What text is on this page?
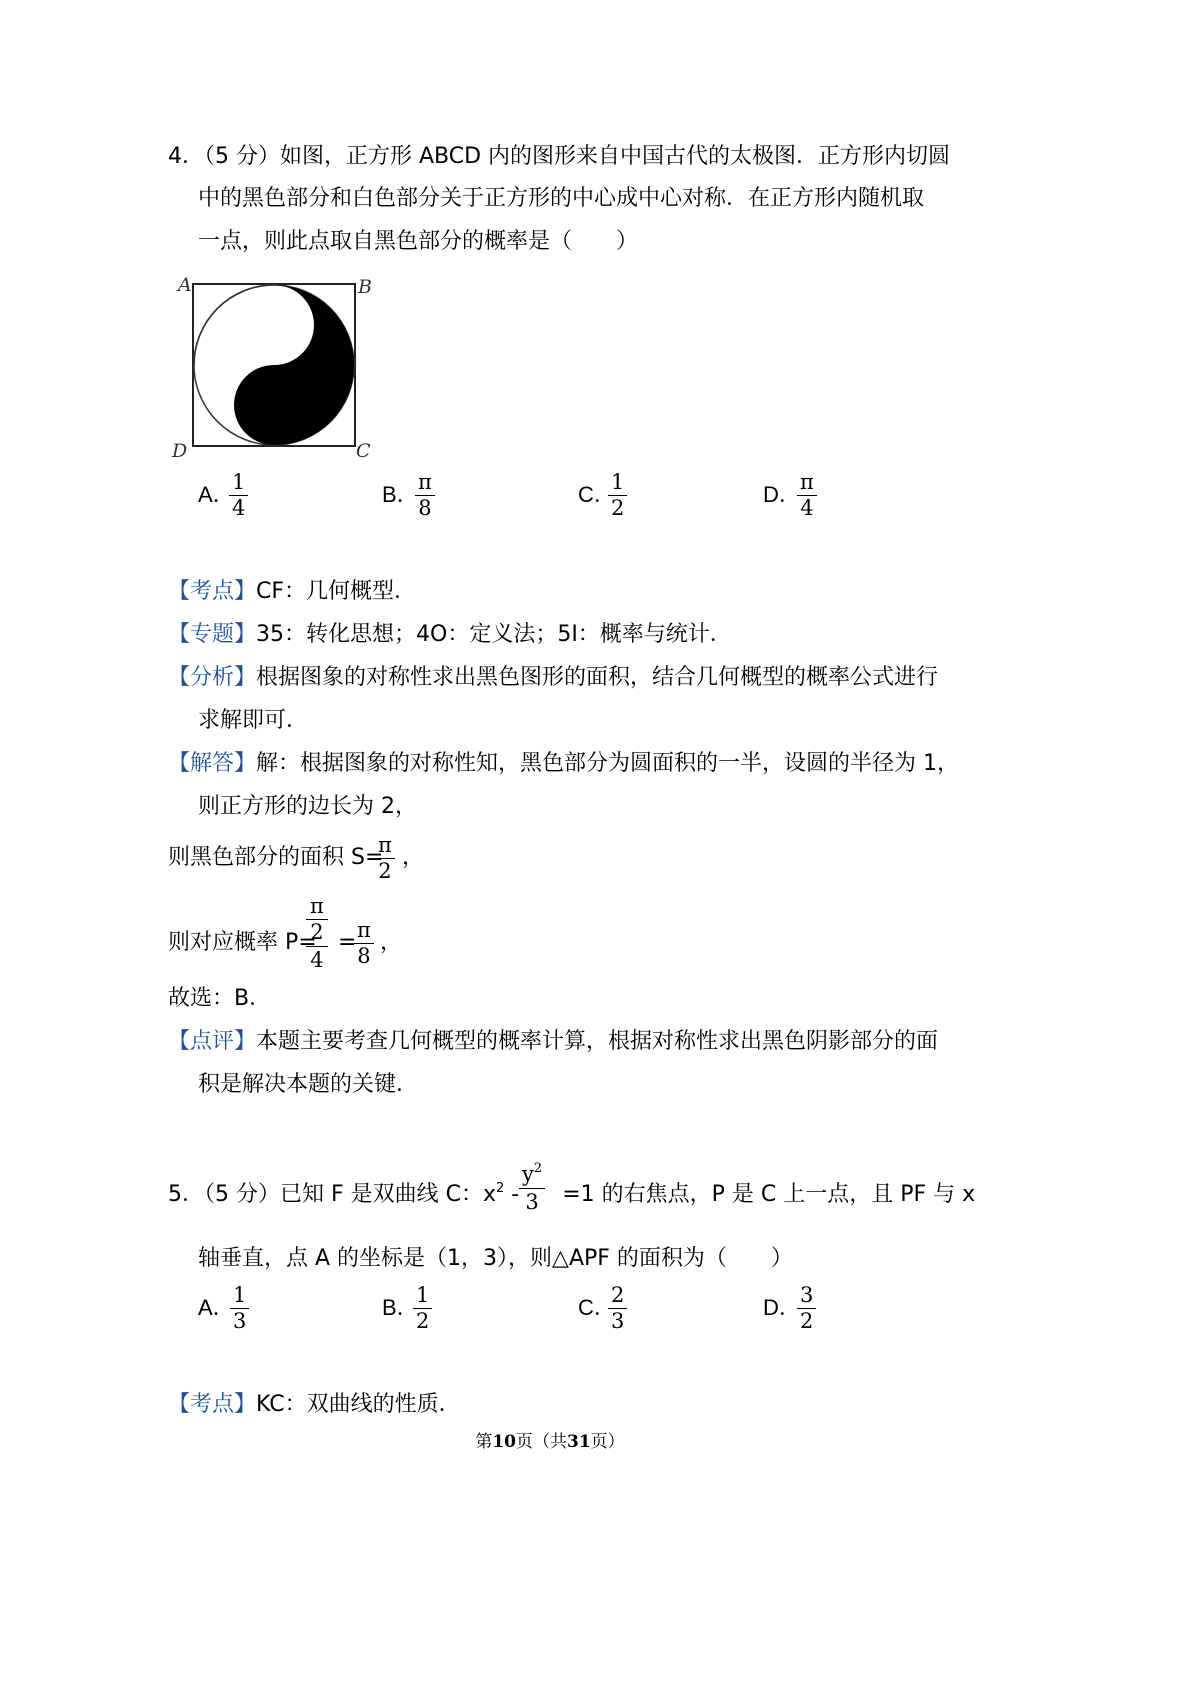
4．（5 分）如图，正方形 ABCD 内的图形来自中国古代的太极图．正方形内切圆
中的黑色部分和白色部分关于正方形的中心成中心对称．在正方形内随机取
一点，则此点取自黑色部分的概率是（　　）
A	B
C
D
A．
$\frac{1}{4}$	B．
$\frac{\pi}{8}$	C．
$\frac{1}{2}$	D．
$\frac{\pi}{4}$
【考点】CF：几何概型．
【专题】35：转化思想；4O：定义法；5I：概率与统计．
【分析】根据图象的对称性求出黑色图形的面积，结合几何概型的概率公式进行
求解即可．
【解答】解：根据图象的对称性知，黑色部分为圆面积的一半，设圆的半径为 1，
则正方形的边长为 2，
则黑色部分的面积 S=
$\frac{\pi}{2}$ ，
则对应概率 P=
π
2
4
=
$\frac{\pi}{8}$ ，
故选：B．
【点评】本题主要考查几何概型的概率计算，根据对称性求出黑色阴影部分的面
积是解决本题的关键．
5．（5 分）已知 F 是双曲线 C：$x^2 - =1$ 的右焦点，P 是 C 上一点，且 PF 与 x
$y^2$
3
轴垂直，点 A 的坐标是（1，3），则△APF 的面积为（　　）
A．
$\frac{1}{3}$	B．
$\frac{1}{2}$	C．
$\frac{2}{3}$	D．
$\frac{3}{2}$
【考点】KC：双曲线的性质．
第10页（共31页）
